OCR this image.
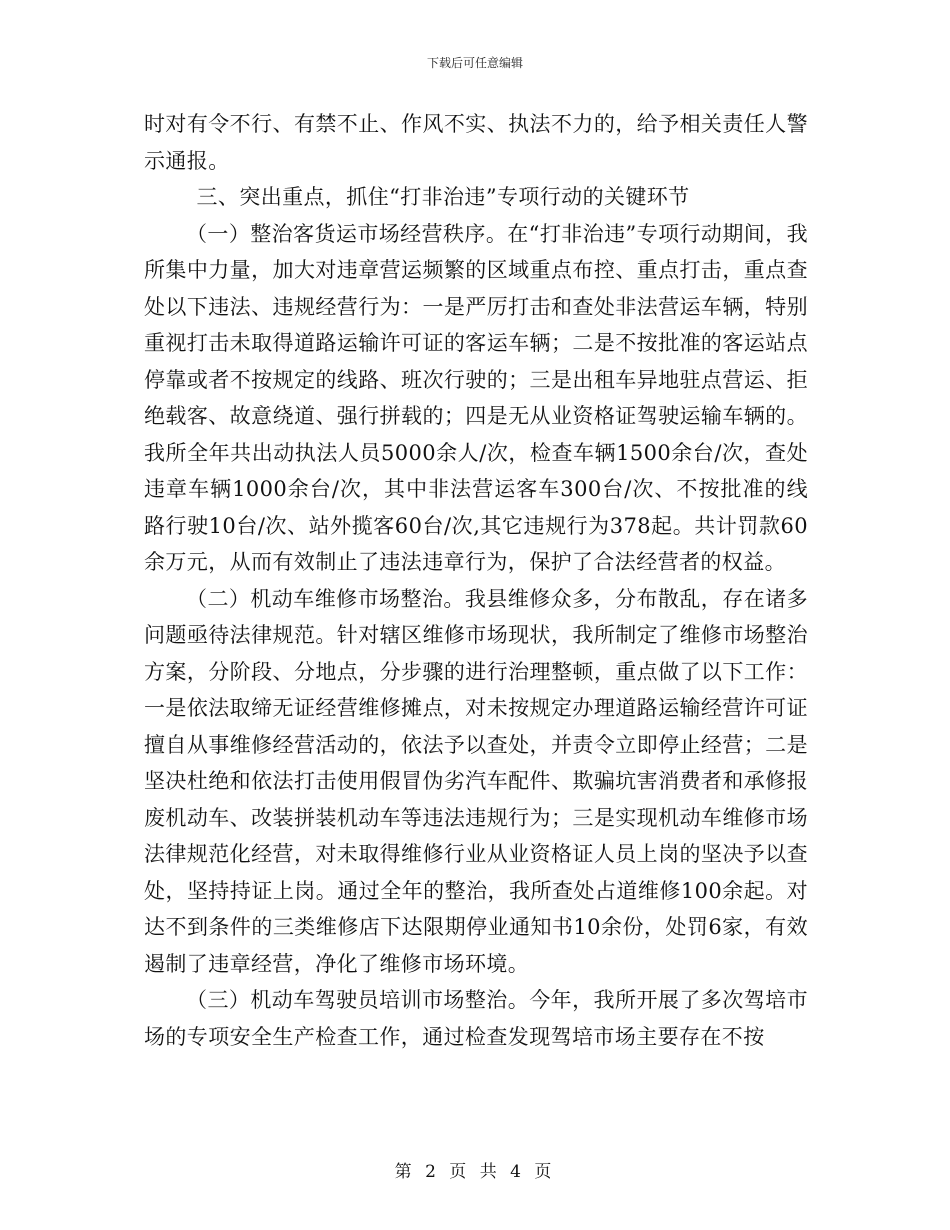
下载后可任意编辑

时对有令不行、有禁不止、作风不实、执法不力的，给予相关责任人警示通报。

三、突出重点，抓住“打非治违”专项行动的关键环节

（一）整治客货运市场经营秩序。在“打非治违”专项行动期间，我所集中力量，加大对违章营运频繁的区域重点布控、重点打击，重点查处以下违法、违规经营行为：一是严厉打击和查处非法营运车辆，特别重视打击未取得道路运输许可证的客运车辆；二是不按批准的客运站点停靠或者不按规定的线路、班次行驶的；三是出租车异地驻点营运、拒绝载客、故意绕道、强行拼载的；四是无从业资格证驾驶运输车辆的。我所全年共出动执法人员5000余人/次，检查车辆1500余台/次，查处违章车辆1000余台/次，其中非法营运客车300台/次、不按批准的线路行驶10台/次、站外揽客60台/次,其它违规行为378起。共计罚款60余万元，从而有效制止了违法违章行为，保护了合法经营者的权益。

（二）机动车维修市场整治。我县维修众多，分布散乱，存在诸多问题亟待法律规范。针对辖区维修市场现状，我所制定了维修市场整治方案，分阶段、分地点，分步骤的进行治理整顿，重点做了以下工作：一是依法取缔无证经营维修摊点，对未按规定办理道路运输经营许可证擅自从事维修经营活动的，依法予以查处，并责令立即停止经营；二是坚决杜绝和依法打击使用假冒伪劣汽车配件、欺骗坑害消费者和承修报废机动车、改装拼装机动车等违法违规行为；三是实现机动车维修市场法律规范化经营，对未取得维修行业从业资格证人员上岗的坚决予以查处，坚持持证上岗。通过全年的整治，我所查处占道维修100余起。对达不到条件的三类维修店下达限期停业通知书10余份，处罚6家，有效遏制了违章经营，净化了维修市场环境。

（三）机动车驾驶员培训市场整治。今年，我所开展了多次驾培市场的专项安全生产检查工作，通过检查发现驾培市场主要存在不按

第 2 页 共 4 页
